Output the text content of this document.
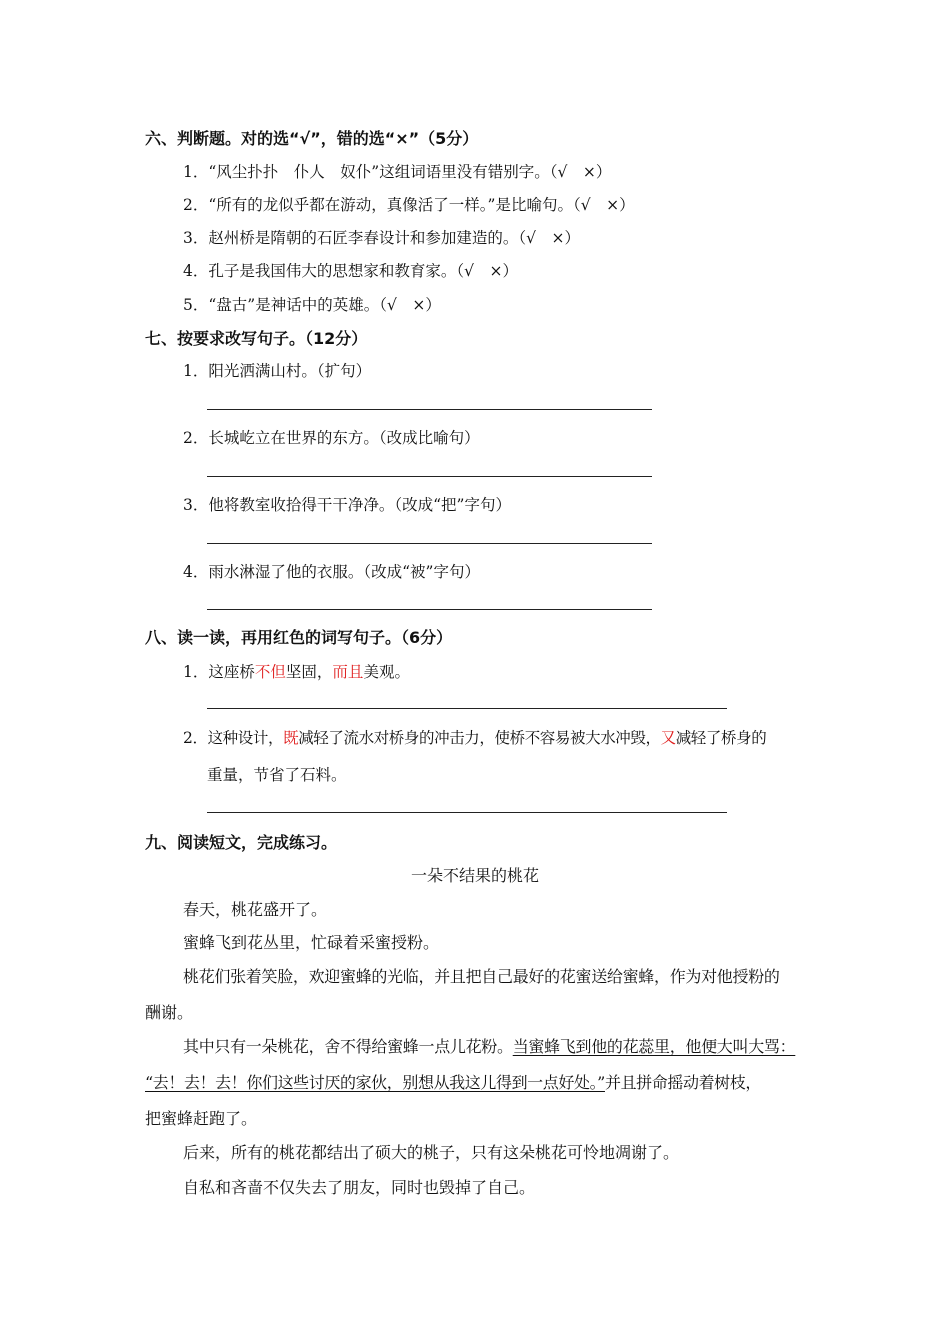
六、判断题。对的选“√”，错的选“×”（5分）
1．“风尘扑扑　仆人　奴仆”这组词语里没有错别字。（√　×）
2．“所有的龙似乎都在游动，真像活了一样。”是比喻句。（√　×）
3．赵州桥是隋朝的石匠李春设计和参加建造的。（√　×）
4．孔子是我国伟大的思想家和教育家。（√　×）
5．“盘古”是神话中的英雄。（√　×）
七、按要求改写句子。（12分）
1．阳光洒满山村。（扩句）
2．长城屹立在世界的东方。（改成比喻句）
3．他将教室收拾得干干净净。（改成“把”字句）
4．雨水淋湿了他的衣服。（改成“被”字句）
八、读一读，再用红色的词写句子。（6分）
1．这座桥不但坚固，而且美观。
2．这种设计，既减轻了流水对桥身的冲击力，使桥不容易被大水冲毁，又减轻了桥身的
重量，节省了石料。
九、阅读短文，完成练习。
一朵不结果的桃花
春天，桃花盛开了。
蜜蜂飞到花丛里，忙碌着采蜜授粉。
桃花们张着笑脸，欢迎蜜蜂的光临，并且把自己最好的花蜜送给蜜蜂，作为对他授粉的
酬谢。
其中只有一朵桃花，舍不得给蜜蜂一点儿花粉。当蜜蜂飞到他的花蕊里，他便大叫大骂：
“去！去！去！你们这些讨厌的家伙，别想从我这儿得到一点好处。”并且拼命摇动着树枝，
把蜜蜂赶跑了。
后来，所有的桃花都结出了硕大的桃子，只有这朵桃花可怜地凋谢了。
自私和吝啬不仅失去了朋友，同时也毁掉了自己。
